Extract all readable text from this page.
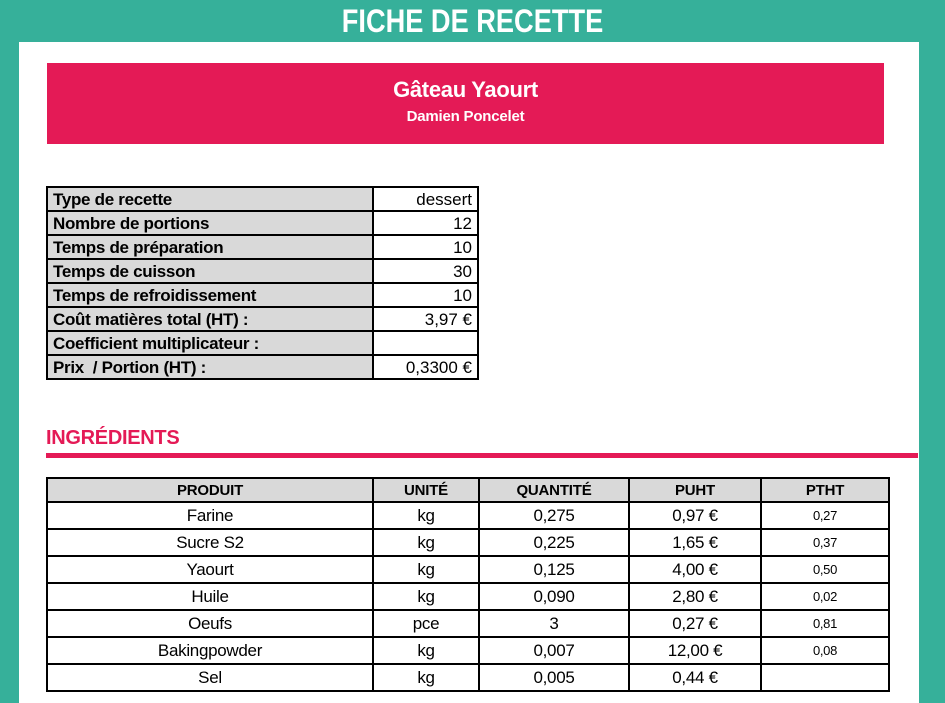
FICHE DE RECETTE
Gâteau Yaourt
Damien Poncelet
Type de recette	dessert
Nombre de portions	12
Temps de préparation	10
Temps de cuisson	30
Temps de refroidissement	10
Coût matières total (HT) :	3,97 €
Coefficient multiplicateur :	
Prix  / Portion (HT) :	0,3300 €
INGRÉDIENTS
PRODUIT	UNITÉ	QUANTITÉ	PUHT	PTHT
Farine	kg	0,275	0,97 €	0,27
Sucre S2	kg	0,225	1,65 €	0,37
Yaourt	kg	0,125	4,00 €	0,50
Huile	kg	0,090	2,80 €	0,02
Oeufs	pce	3	0,27 €	0,81
Bakingpowder	kg	0,007	12,00 €	0,08
Sel	kg	0,005	0,44 €	
